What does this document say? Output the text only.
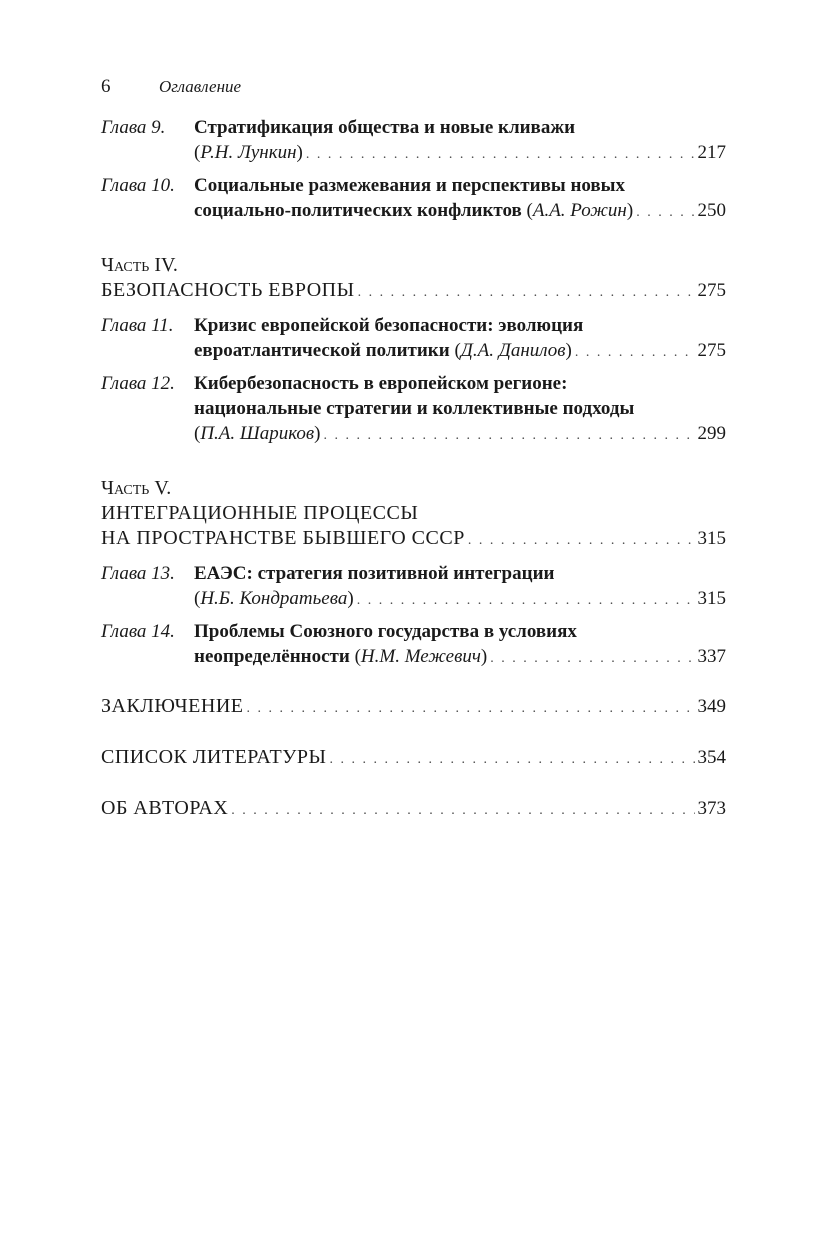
6	Оглавление
Глава 9.	Стратификация общества и новые кливажи
(Р.Н. Лункин) . . .	217
Глава 10.	Социальные размежевания и перспективы новых
социально-политических конфликтов (А.А. Рожин) . . .	250
Часть IV.
БЕЗОПАСНОСТЬ ЕВРОПЫ . . .	275
Глава 11.	Кризис европейской безопасности: эволюция
евроатлантической политики (Д.А. Данилов) . . .	275
Глава 12.	Кибербезопасность в европейском регионе:
национальные стратегии и коллективные подходы
(П.А. Шариков) . . .	299
Часть V.
ИНТЕГРАЦИОННЫЕ ПРОЦЕССЫ
НА ПРОСТРАНСТВЕ БЫВШЕГО СССР . . .	315
Глава 13.	ЕАЭС: стратегия позитивной интеграции
(Н.Б. Кондратьева) . . .	315
Глава 14.	Проблемы Союзного государства в условиях
неопределённости (Н.М. Межевич) . . .	337
ЗАКЛЮЧЕНИЕ . . .	349
СПИСОК ЛИТЕРАТУРЫ . . .	354
ОБ АВТОРАХ . . .	373
